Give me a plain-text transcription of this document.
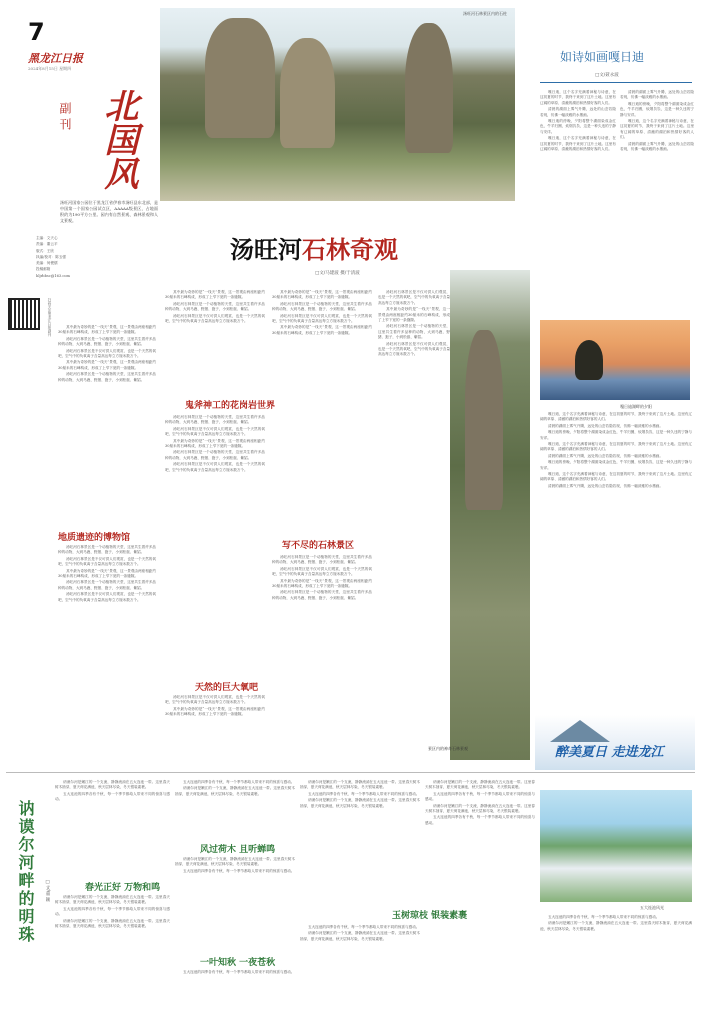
7
黑龙江日报
2024年8月15日 星期四
副刊 北国风
主编：文天心
责编：董云平
版式：王欣
执编/校对：陈玉强
美编：何俊儒
投稿邮箱
hljrbbsc@163.com
扫码关注黑龙江日报副刊
汤旺河石林景区内的石柱
汤旺河国家公园位于黑龙江省伊春市汤旺县东北部，是中国第一个国家公园试点区，AAAAA级景区，占地面积约为190平方公里。园内有自然景观、森林景观和人文景观。
汤旺河石林奇观
□文/马建波 摄/于清波

其中最为奇妙的是“一线天”景观，这一景观由两座相距约30厘米的石峰构成，形成了上窄下宽的一条缝隙。

汤旺河石林景区是一个动植物的天堂，这里共生着许多品种的动物，大到马鹿、野猪、狍子，小到松鼠、紫貂。

汤旺河石林景区是不仅可供人们观赏，也是一个天然的氧吧，空气中的负氧离子含量高达每立方厘米数万个。

其中最为奇妙的是“一线天”景观，这一景观由两座相距约30厘米的石峰构成，形成了上窄下宽的一条缝隙。

汤旺河石林景区是一个动植物的天堂，这里共生着许多品种的动物，大到马鹿、野猪、狍子，小到松鼠、紫貂。

地质遗迹的博物馆

汤旺河石林景区是一个动植物的天堂，这里共生着许多品种的动物，大到马鹿、野猪、狍子，小到松鼠、紫貂。

汤旺河石林景区是不仅可供人们观赏，也是一个天然的氧吧，空气中的负氧离子含量高达每立方厘米数万个。

其中最为奇妙的是“一线天”景观，这一景观由两座相距约30厘米的石峰构成，形成了上窄下宽的一条缝隙。

汤旺河石林景区是一个动植物的天堂，这里共生着许多品种的动物，大到马鹿、野猪、狍子，小到松鼠、紫貂。

汤旺河石林景区是不仅可供人们观赏，也是一个天然的氧吧，空气中的负氧离子含量高达每立方厘米数万个。

其中最为奇妙的是“一线天”景观，这一景观由两座相距约30厘米的石峰构成，形成了上窄下宽的一条缝隙。

汤旺河石林景区是一个动植物的天堂，这里共生着许多品种的动物，大到马鹿、野猪、狍子，小到松鼠、紫貂。

汤旺河石林景区是不仅可供人们观赏，也是一个天然的氧吧，空气中的负氧离子含量高达每立方厘米数万个。

鬼斧神工的花岗岩世界

汤旺河石林景区是一个动植物的天堂，这里共生着许多品种的动物，大到马鹿、野猪、狍子，小到松鼠、紫貂。

汤旺河石林景区是不仅可供人们观赏，也是一个天然的氧吧，空气中的负氧离子含量高达每立方厘米数万个。

其中最为奇妙的是“一线天”景观，这一景观由两座相距约30厘米的石峰构成，形成了上窄下宽的一条缝隙。

汤旺河石林景区是一个动植物的天堂，这里共生着许多品种的动物，大到马鹿、野猪、狍子，小到松鼠、紫貂。

汤旺河石林景区是不仅可供人们观赏，也是一个天然的氧吧，空气中的负氧离子含量高达每立方厘米数万个。

天然的巨大氧吧

汤旺河石林景区是不仅可供人们观赏，也是一个天然的氧吧，空气中的负氧离子含量高达每立方厘米数万个。

其中最为奇妙的是“一线天”景观，这一景观由两座相距约30厘米的石峰构成，形成了上窄下宽的一条缝隙。

其中最为奇妙的是“一线天”景观，这一景观由两座相距约30厘米的石峰构成，形成了上窄下宽的一条缝隙。

汤旺河石林景区是一个动植物的天堂，这里共生着许多品种的动物，大到马鹿、野猪、狍子，小到松鼠、紫貂。

汤旺河石林景区是不仅可供人们观赏，也是一个天然的氧吧，空气中的负氧离子含量高达每立方厘米数万个。

其中最为奇妙的是“一线天”景观，这一景观由两座相距约30厘米的石峰构成，形成了上窄下宽的一条缝隙。

写不尽的石林景区

汤旺河石林景区是一个动植物的天堂，这里共生着许多品种的动物，大到马鹿、野猪、狍子，小到松鼠、紫貂。

汤旺河石林景区是不仅可供人们观赏，也是一个天然的氧吧，空气中的负氧离子含量高达每立方厘米数万个。

其中最为奇妙的是“一线天”景观，这一景观由两座相距约30厘米的石峰构成，形成了上窄下宽的一条缝隙。

汤旺河石林景区是一个动植物的天堂，这里共生着许多品种的动物，大到马鹿、野猪、狍子，小到松鼠、紫貂。

汤旺河石林景区是不仅可供人们观赏，也是一个天然的氧吧，空气中的负氧离子含量高达每立方厘米数万个。

其中最为奇妙的是“一线天”景观，这一景观由两座相距约30厘米的石峰构成，形成了上窄下宽的一条缝隙。

汤旺河石林景区是一个动植物的天堂，这里共生着许多品种的动物，大到马鹿、野猪、狍子，小到松鼠、紫貂。

汤旺河石林景区是不仅可供人们观赏，也是一个天然的氧吧，空气中的负氧离子含量高达每立方厘米数万个。

景区内的神奇石林景观
如诗如画嘎日迪
□文/聂永波

嘎日迪，这个名字充满着神秘与诗意，在这初夏的时节，我终于来到了这片土地。这里有辽阔的草原、清澈的湖泊和热情好客的人们。

清晨的湖面上雾气升腾，远处的山峦若隐若现，仿佛一幅淡雅的水墨画。

嘎日迪的傍晚，夕阳将整个湖面染成金红色，牛羊归圈，炊烟袅袅，这是一种久违的宁静与安详。

嘎日迪，这个名字充满着神秘与诗意，在这初夏的时节，我终于来到了这片土地。这里有辽阔的草原、清澈的湖泊和热情好客的人们。

清晨的湖面上雾气升腾，远处的山峦若隐若现，仿佛一幅淡雅的水墨画。

嘎日迪的傍晚，夕阳将整个湖面染成金红色，牛羊归圈，炊烟袅袅，这是一种久违的宁静与安详。

嘎日迪，这个名字充满着神秘与诗意，在这初夏的时节，我终于来到了这片土地。这里有辽阔的草原、清澈的湖泊和热情好客的人们。

清晨的湖面上雾气升腾，远处的山峦若隐若现，仿佛一幅淡雅的水墨画。

嘎日迪湖畔的夕阳

嘎日迪，这个名字充满着神秘与诗意，在这初夏的时节，我终于来到了这片土地。这里有辽阔的草原、清澈的湖泊和热情好客的人们。

清晨的湖面上雾气升腾，远处的山峦若隐若现，仿佛一幅淡雅的水墨画。

嘎日迪的傍晚，夕阳将整个湖面染成金红色，牛羊归圈，炊烟袅袅，这是一种久违的宁静与安详。

嘎日迪，这个名字充满着神秘与诗意，在这初夏的时节，我终于来到了这片土地。这里有辽阔的草原、清澈的湖泊和热情好客的人们。

清晨的湖面上雾气升腾，远处的山峦若隐若现，仿佛一幅淡雅的水墨画。

嘎日迪的傍晚，夕阳将整个湖面染成金红色，牛羊归圈，炊烟袅袅，这是一种久违的宁静与安详。

嘎日迪，这个名字充满着神秘与诗意，在这初夏的时节，我终于来到了这片土地。这里有辽阔的草原、清澈的湖泊和热情好客的人们。

清晨的湖面上雾气升腾，远处的山峦若隐若现，仿佛一幅淡雅的水墨画。

醉美夏日 走进龙江
讷谟尔河畔的明珠	□文/董 颖

讷谟尔河是嫩江的一个支流，静静流淌在五大连池一带。这里春天树木抽芽，夏天荷花满池，秋天层林尽染，冬天银装素裹。

五大连池的四季各有千秋，每一个季节都给人带来不同的惊喜与感动。

春光正好 万物和鸣

讷谟尔河是嫩江的一个支流，静静流淌在五大连池一带。这里春天树木抽芽，夏天荷花满池，秋天层林尽染，冬天银装素裹。

五大连池的四季各有千秋，每一个季节都给人带来不同的惊喜与感动。

讷谟尔河是嫩江的一个支流，静静流淌在五大连池一带。这里春天树木抽芽，夏天荷花满池，秋天层林尽染，冬天银装素裹。

五大连池的四季各有千秋，每一个季节都给人带来不同的惊喜与感动。

讷谟尔河是嫩江的一个支流，静静流淌在五大连池一带。这里春天树木抽芽，夏天荷花满池，秋天层林尽染，冬天银装素裹。

风过荷木 且听蝉鸣

讷谟尔河是嫩江的一个支流，静静流淌在五大连池一带。这里春天树木抽芽，夏天荷花满池，秋天层林尽染，冬天银装素裹。

五大连池的四季各有千秋，每一个季节都给人带来不同的惊喜与感动。

一叶知秋 一夜苍秋

五大连池的四季各有千秋，每一个季节都给人带来不同的惊喜与感动。

讷谟尔河是嫩江的一个支流，静静流淌在五大连池一带。这里春天树木抽芽，夏天荷花满池，秋天层林尽染，冬天银装素裹。

五大连池的四季各有千秋，每一个季节都给人带来不同的惊喜与感动。

讷谟尔河是嫩江的一个支流，静静流淌在五大连池一带。这里春天树木抽芽，夏天荷花满池，秋天层林尽染，冬天银装素裹。

玉树琼枝 银装素裹

五大连池的四季各有千秋，每一个季节都给人带来不同的惊喜与感动。

讷谟尔河是嫩江的一个支流，静静流淌在五大连池一带。这里春天树木抽芽，夏天荷花满池，秋天层林尽染，冬天银装素裹。

讷谟尔河是嫩江的一个支流，静静流淌在五大连池一带。这里春天树木抽芽，夏天荷花满池，秋天层林尽染，冬天银装素裹。

五大连池的四季各有千秋，每一个季节都给人带来不同的惊喜与感动。

讷谟尔河是嫩江的一个支流，静静流淌在五大连池一带。这里春天树木抽芽，夏天荷花满池，秋天层林尽染，冬天银装素裹。

五大连池的四季各有千秋，每一个季节都给人带来不同的惊喜与感动。

五大连池风光

五大连池的四季各有千秋，每一个季节都给人带来不同的惊喜与感动。

讷谟尔河是嫩江的一个支流，静静流淌在五大连池一带。这里春天树木抽芽，夏天荷花满池，秋天层林尽染，冬天银装素裹。
